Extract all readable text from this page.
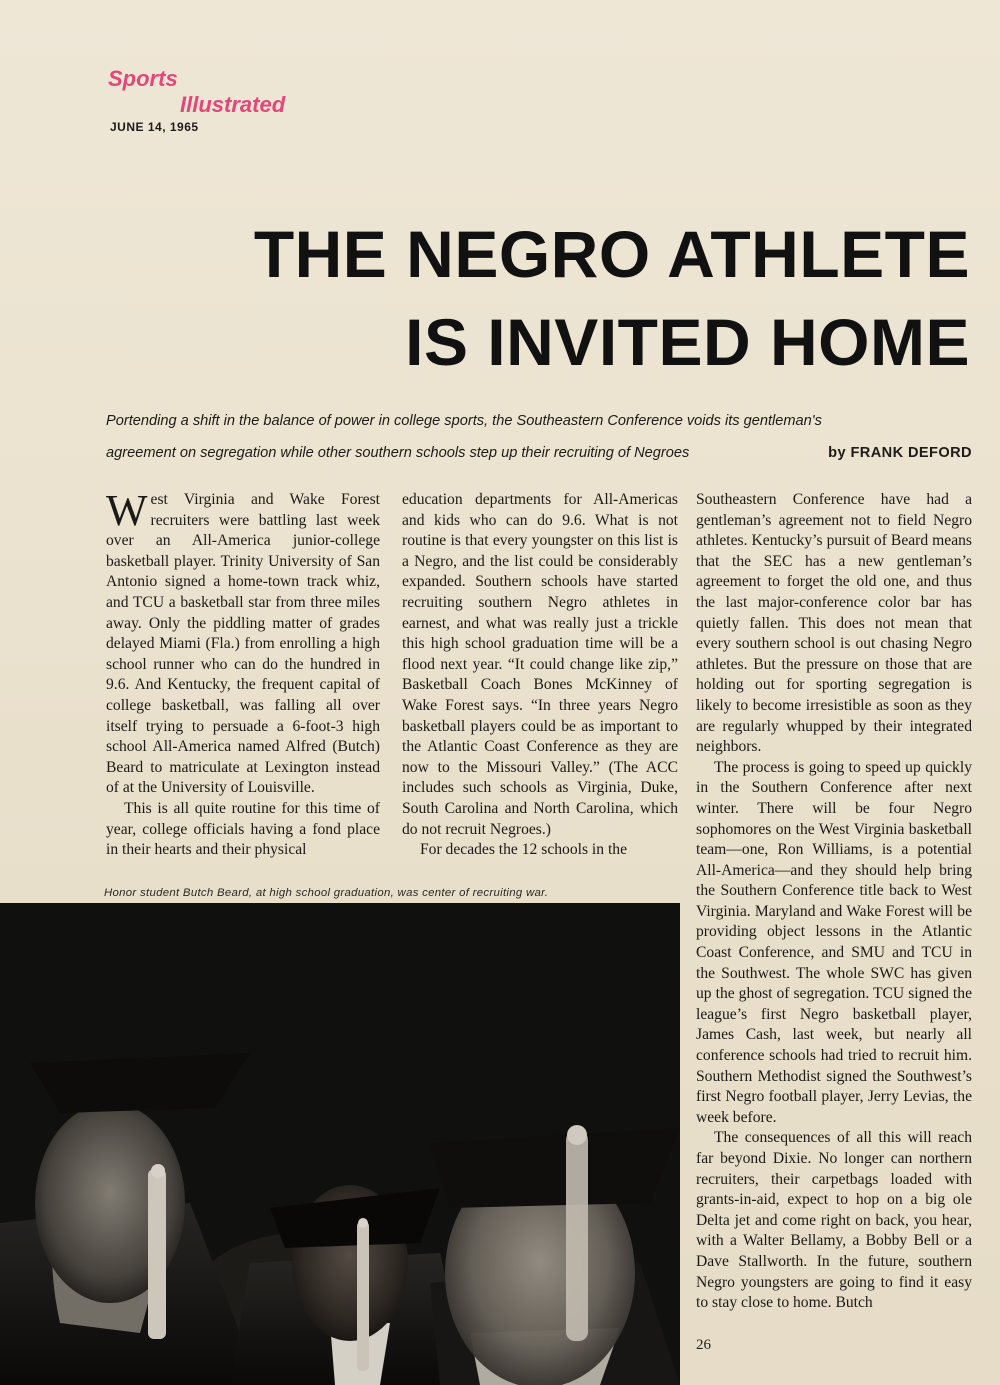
Sports
Illustrated
JUNE 14, 1965
THE NEGRO ATHLETE
IS INVITED HOME
Portending a shift in the balance of power in college sports, the Southeastern Conference voids its gentleman's
agreement on segregation while other southern schools step up their recruiting of Negroes	by FRANK DEFORD

West Virginia and Wake Forest recruiters were battling last week over an All-America junior-college basketball player. Trinity University of San Antonio signed a home-town track whiz, and TCU a basketball star from three miles away. Only the piddling matter of grades delayed Miami (Fla.) from enrolling a high school runner who can do the hundred in 9.6. And Kentucky, the frequent capital of college basketball, was falling all over itself trying to persuade a 6-foot-3 high school All-America named Alfred (Butch) Beard to matriculate at Lexington instead of at the University of Louisville.

This is all quite routine for this time of year, college officials having a fond place in their hearts and their physical

education departments for All-Americas and kids who can do 9.6. What is not routine is that every youngster on this list is a Negro, and the list could be considerably expanded. Southern schools have started recruiting southern Negro athletes in earnest, and what was really just a trickle this high school graduation time will be a flood next year. “It could change like zip,” Basketball Coach Bones McKinney of Wake Forest says. “In three years Negro basketball players could be as important to the Atlantic Coast Conference as they are now to the Missouri Valley.” (The ACC includes such schools as Virginia, Duke, South Carolina and North Carolina, which do not recruit Negroes.)

For decades the 12 schools in the

Southeastern Conference have had a gentleman’s agreement not to field Negro athletes. Kentucky’s pursuit of Beard means that the SEC has a new gentleman’s agreement to forget the old one, and thus the last major-conference color bar has quietly fallen. This does not mean that every southern school is out chasing Negro athletes. But the pressure on those that are holding out for sporting segregation is likely to become irresistible as soon as they are regularly whupped by their integrated neighbors.

The process is going to speed up quickly in the Southern Conference after next winter. There will be four Negro sophomores on the West Virginia basketball team—one, Ron Williams, is a potential All-America—and they should help bring the Southern Conference title back to West Virginia. Maryland and Wake Forest will be providing object lessons in the Atlantic Coast Conference, and SMU and TCU in the Southwest. The whole SWC has given up the ghost of segregation. TCU signed the league’s first Negro basketball player, James Cash, last week, but nearly all conference schools had tried to recruit him. Southern Methodist signed the Southwest’s first Negro football player, Jerry Levias, the week before.

The consequences of all this will reach far beyond Dixie. No longer can northern recruiters, their carpetbags loaded with grants-in-aid, expect to hop on a big ole Delta jet and come right on back, you hear, with a Walter Bellamy, a Bobby Bell or a Dave Stallworth. In the future, southern Negro youngsters are going to find it easy to stay close to home. Butch

Honor student Butch Beard, at high school graduation, was center of recruiting war.
26
